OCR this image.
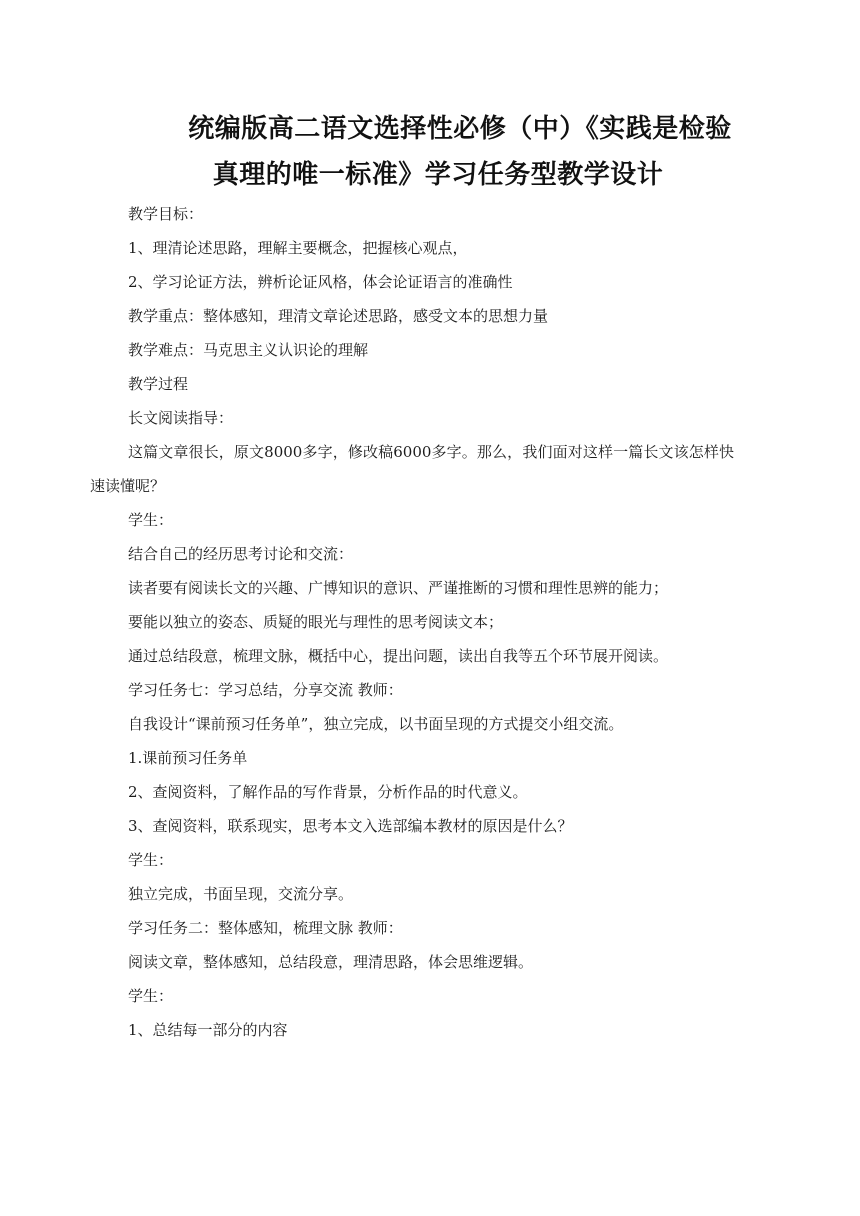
统编版高二语文选择性必修（中）《实践是检验
真理的唯一标准》学习任务型教学设计

教学目标：

1、理清论述思路，理解主要概念，把握核心观点，

2、学习论证方法，辨析论证风格，体会论证语言的准确性

教学重点：整体感知，理清文章论述思路，感受文本的思想力量

教学难点：马克思主义认识论的理解

教学过程

长文阅读指导：

这篇文章很长，原文8000多字，修改稿6000多字。那么，我们面对这样一篇长文该怎样快速读懂呢？

学生：

结合自己的经历思考讨论和交流：

读者要有阅读长文的兴趣、广博知识的意识、严谨推断的习惯和理性思辨的能力；

要能以独立的姿态、质疑的眼光与理性的思考阅读文本；

通过总结段意，梳理文脉，概括中心，提出问题，读出自我等五个环节展开阅读。

学习任务七：学习总结，分享交流 教师：

自我设计“课前预习任务单”，独立完成，以书面呈现的方式提交小组交流。

1.课前预习任务单

2、查阅资料，了解作品的写作背景，分析作品的时代意义。

3、查阅资料，联系现实，思考本文入选部编本教材的原因是什么？

学生：

独立完成，书面呈现，交流分享。

学习任务二：整体感知，梳理文脉 教师：

阅读文章，整体感知，总结段意，理清思路，体会思维逻辑。

学生：

1、总结每一部分的内容
